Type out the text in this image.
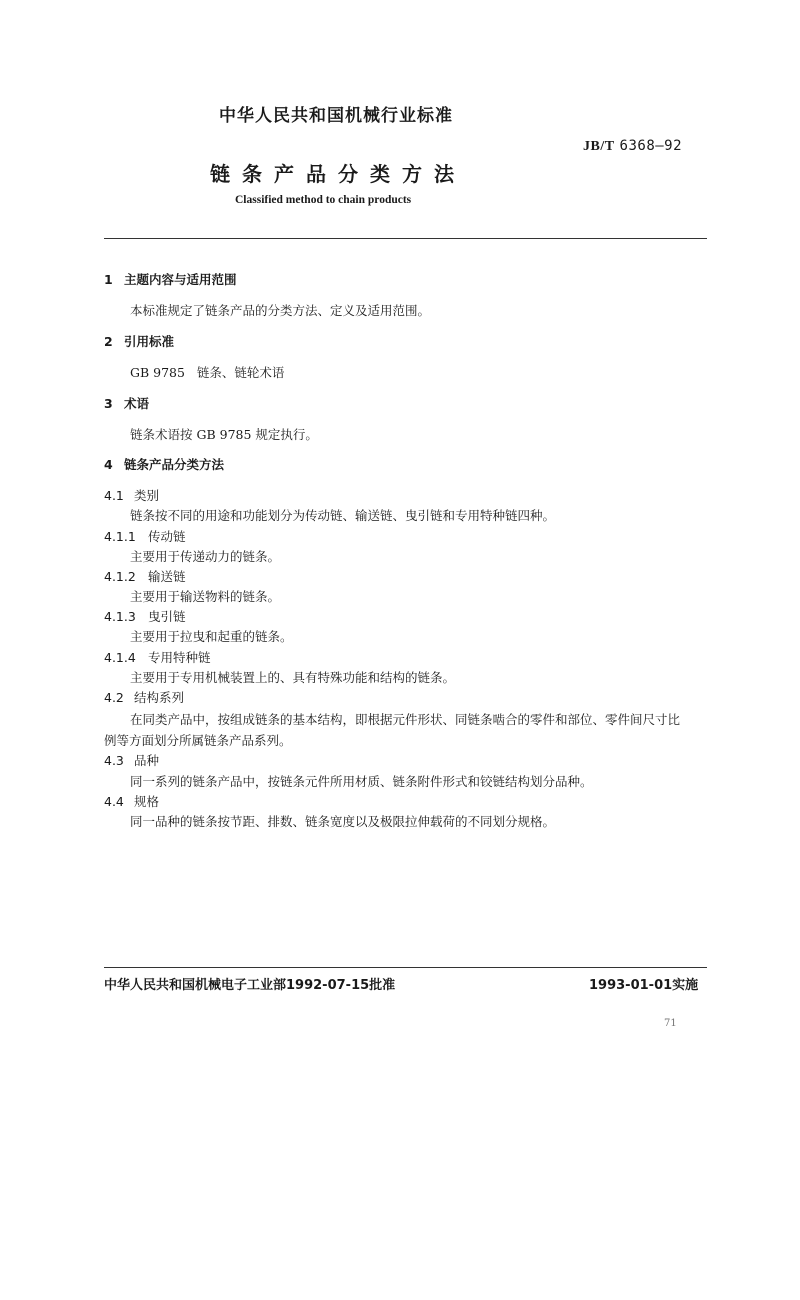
中华人民共和国机械行业标准
JB/T 6368—92
链条产品分类方法
Classified method to chain products
1 主题内容与适用范围
本标准规定了链条产品的分类方法、定义及适用范围。
2 引用标准
GB 9785   链条、链轮术语
3 术语
链条术语按 GB 9785 规定执行。
4 链条产品分类方法
4.1 类别
链条按不同的用途和功能划分为传动链、输送链、曳引链和专用特种链四种。
4.1.1 传动链
主要用于传递动力的链条。
4.1.2 输送链
主要用于输送物料的链条。
4.1.3 曳引链
主要用于拉曳和起重的链条。
4.1.4 专用特种链
主要用于专用机械装置上的、具有特殊功能和结构的链条。
4.2 结构系列
在同类产品中，按组成链条的基本结构，即根据元件形状、同链条啮合的零件和部位、零件间尺寸比
例等方面划分所属链条产品系列。
4.3 品种
同一系列的链条产品中，按链条元件所用材质、链条附件形式和铰链结构划分品种。
4.4 规格
同一品种的链条按节距、排数、链条宽度以及极限拉伸载荷的不同划分规格。
中华人民共和国机械电子工业部1992-07-15批准	1993-01-01实施
71
